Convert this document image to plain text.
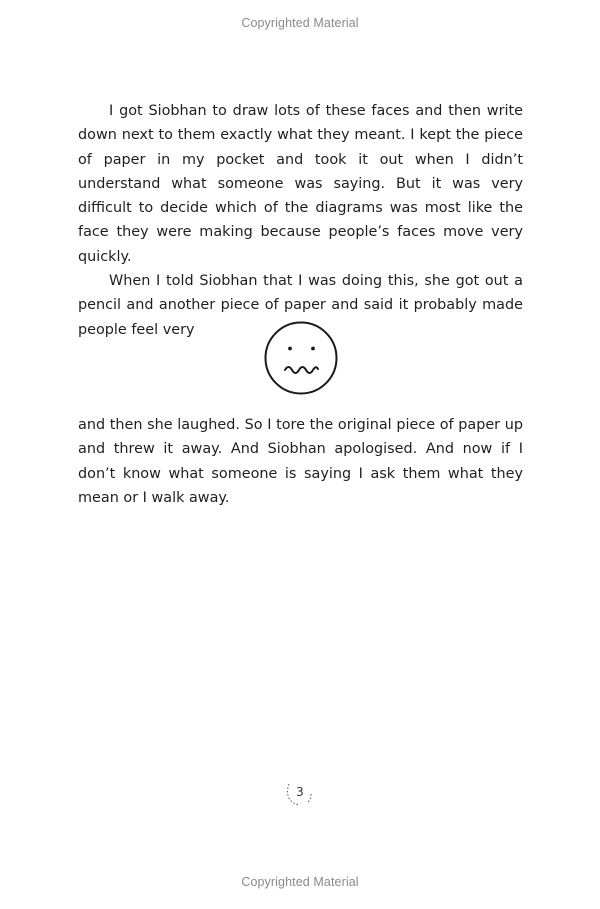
Copyrighted Material

I got Siobhan to draw lots of these faces and then write down next to them exactly what they meant. I kept the piece of paper in my pocket and took it out when I didn’t understand what someone was saying. But it was very difficult to decide which of the diagrams was most like the face they were making because people’s faces move very quickly.

When I told Siobhan that I was doing this, she got out a pencil and another piece of paper and said it probably made people feel very

and then she laughed. So I tore the original piece of paper up and threw it away. And Siobhan apologised. And now if I don’t know what someone is saying I ask them what they mean or I walk away.

3
Copyrighted Material
